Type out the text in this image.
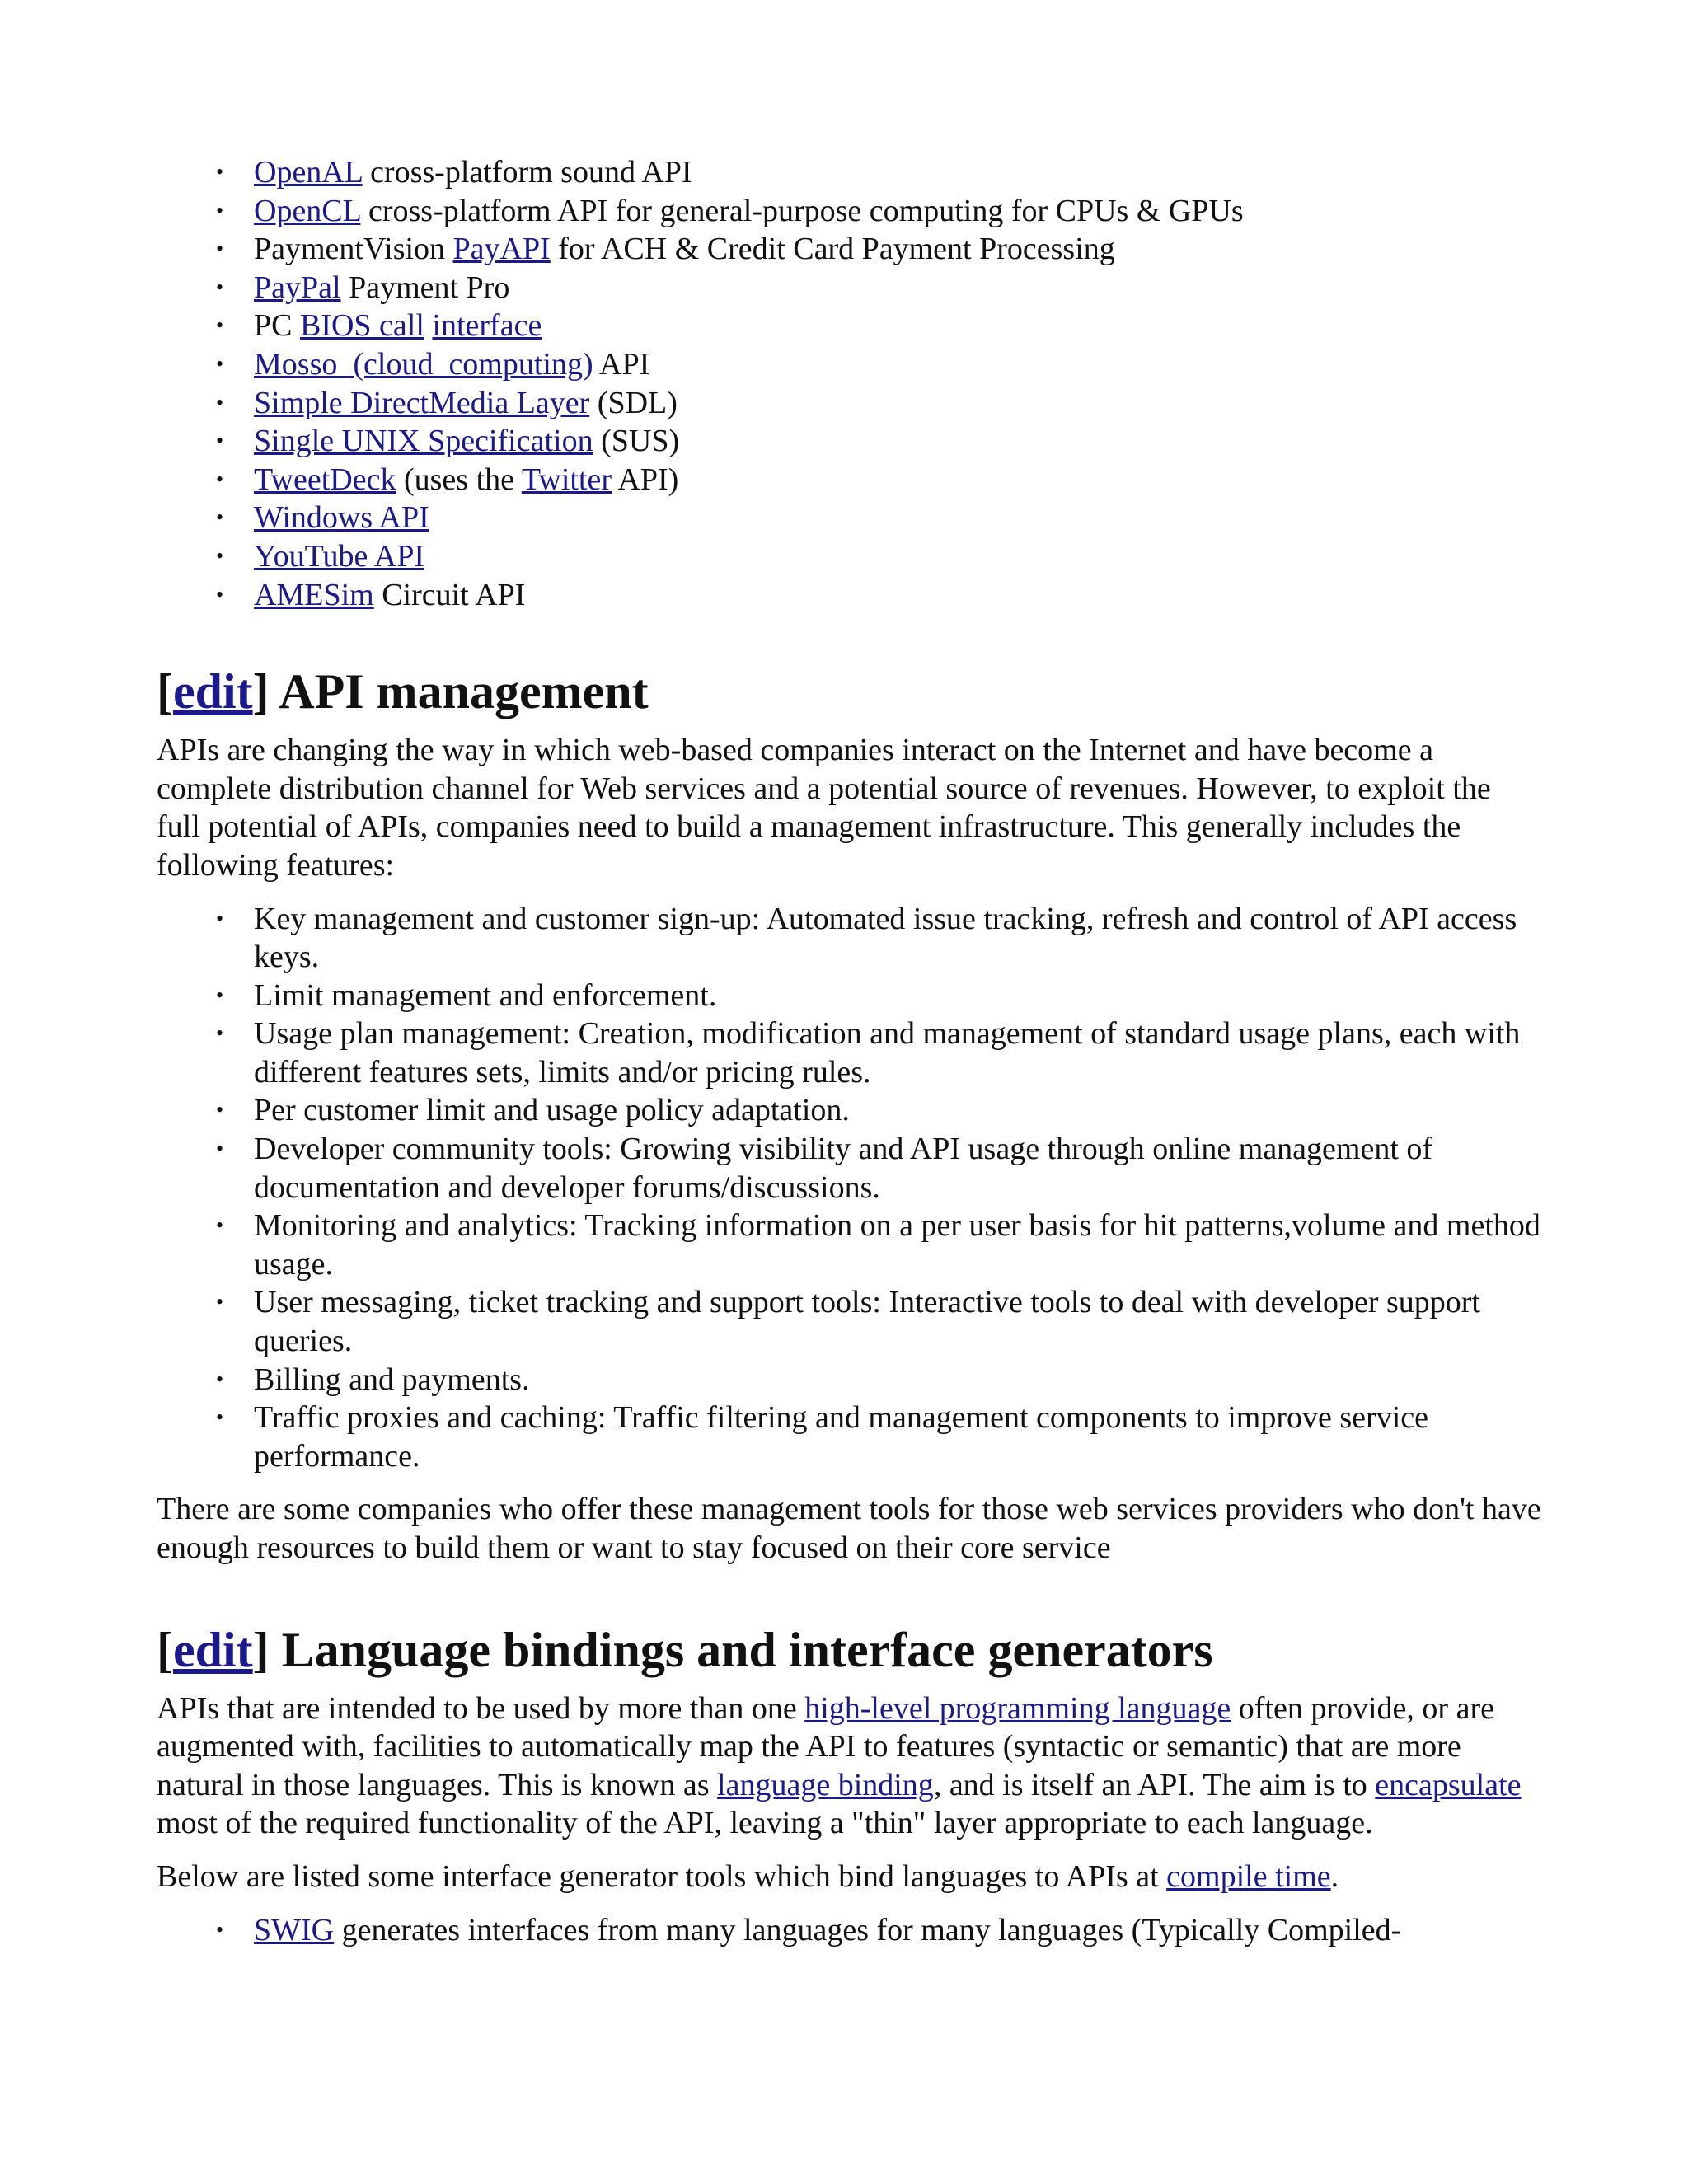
• OpenAL cross-platform sound API
• OpenCL cross-platform API for general-purpose computing for CPUs & GPUs
• PaymentVision PayAPI for ACH & Credit Card Payment Processing
• PayPal Payment Pro
• PC BIOS call interface
• Mosso_(cloud_computing) API
• Simple DirectMedia Layer (SDL)
• Single UNIX Specification (SUS)
• TweetDeck (uses the Twitter API)
• Windows API
• YouTube API
• AMESim Circuit API
[edit] API management

APIs are changing the way in which web-based companies interact on the Internet and have become a complete distribution channel for Web services and a potential source of revenues. However, to exploit the full potential of APIs, companies need to build a management infrastructure. This generally includes the following features:

• Key management and customer sign-up: Automated issue tracking, refresh and control of API access keys.
• Limit management and enforcement.
• Usage plan management: Creation, modification and management of standard usage plans, each with different features sets, limits and/or pricing rules.
• Per customer limit and usage policy adaptation.
• Developer community tools: Growing visibility and API usage through online management of documentation and developer forums/discussions.
• Monitoring and analytics: Tracking information on a per user basis for hit patterns,volume and method usage.
• User messaging, ticket tracking and support tools: Interactive tools to deal with developer support queries.
• Billing and payments.
• Traffic proxies and caching: Traffic filtering and management components to improve service performance.

There are some companies who offer these management tools for those web services providers who don't have enough resources to build them or want to stay focused on their core service

[edit] Language bindings and interface generators

APIs that are intended to be used by more than one high-level programming language often provide, or are augmented with, facilities to automatically map the API to features (syntactic or semantic) that are more natural in those languages. This is known as language binding, and is itself an API. The aim is to encapsulate most of the required functionality of the API, leaving a "thin" layer appropriate to each language.

Below are listed some interface generator tools which bind languages to APIs at compile time.

• SWIG generates interfaces from many languages for many languages (Typically Compiled-
